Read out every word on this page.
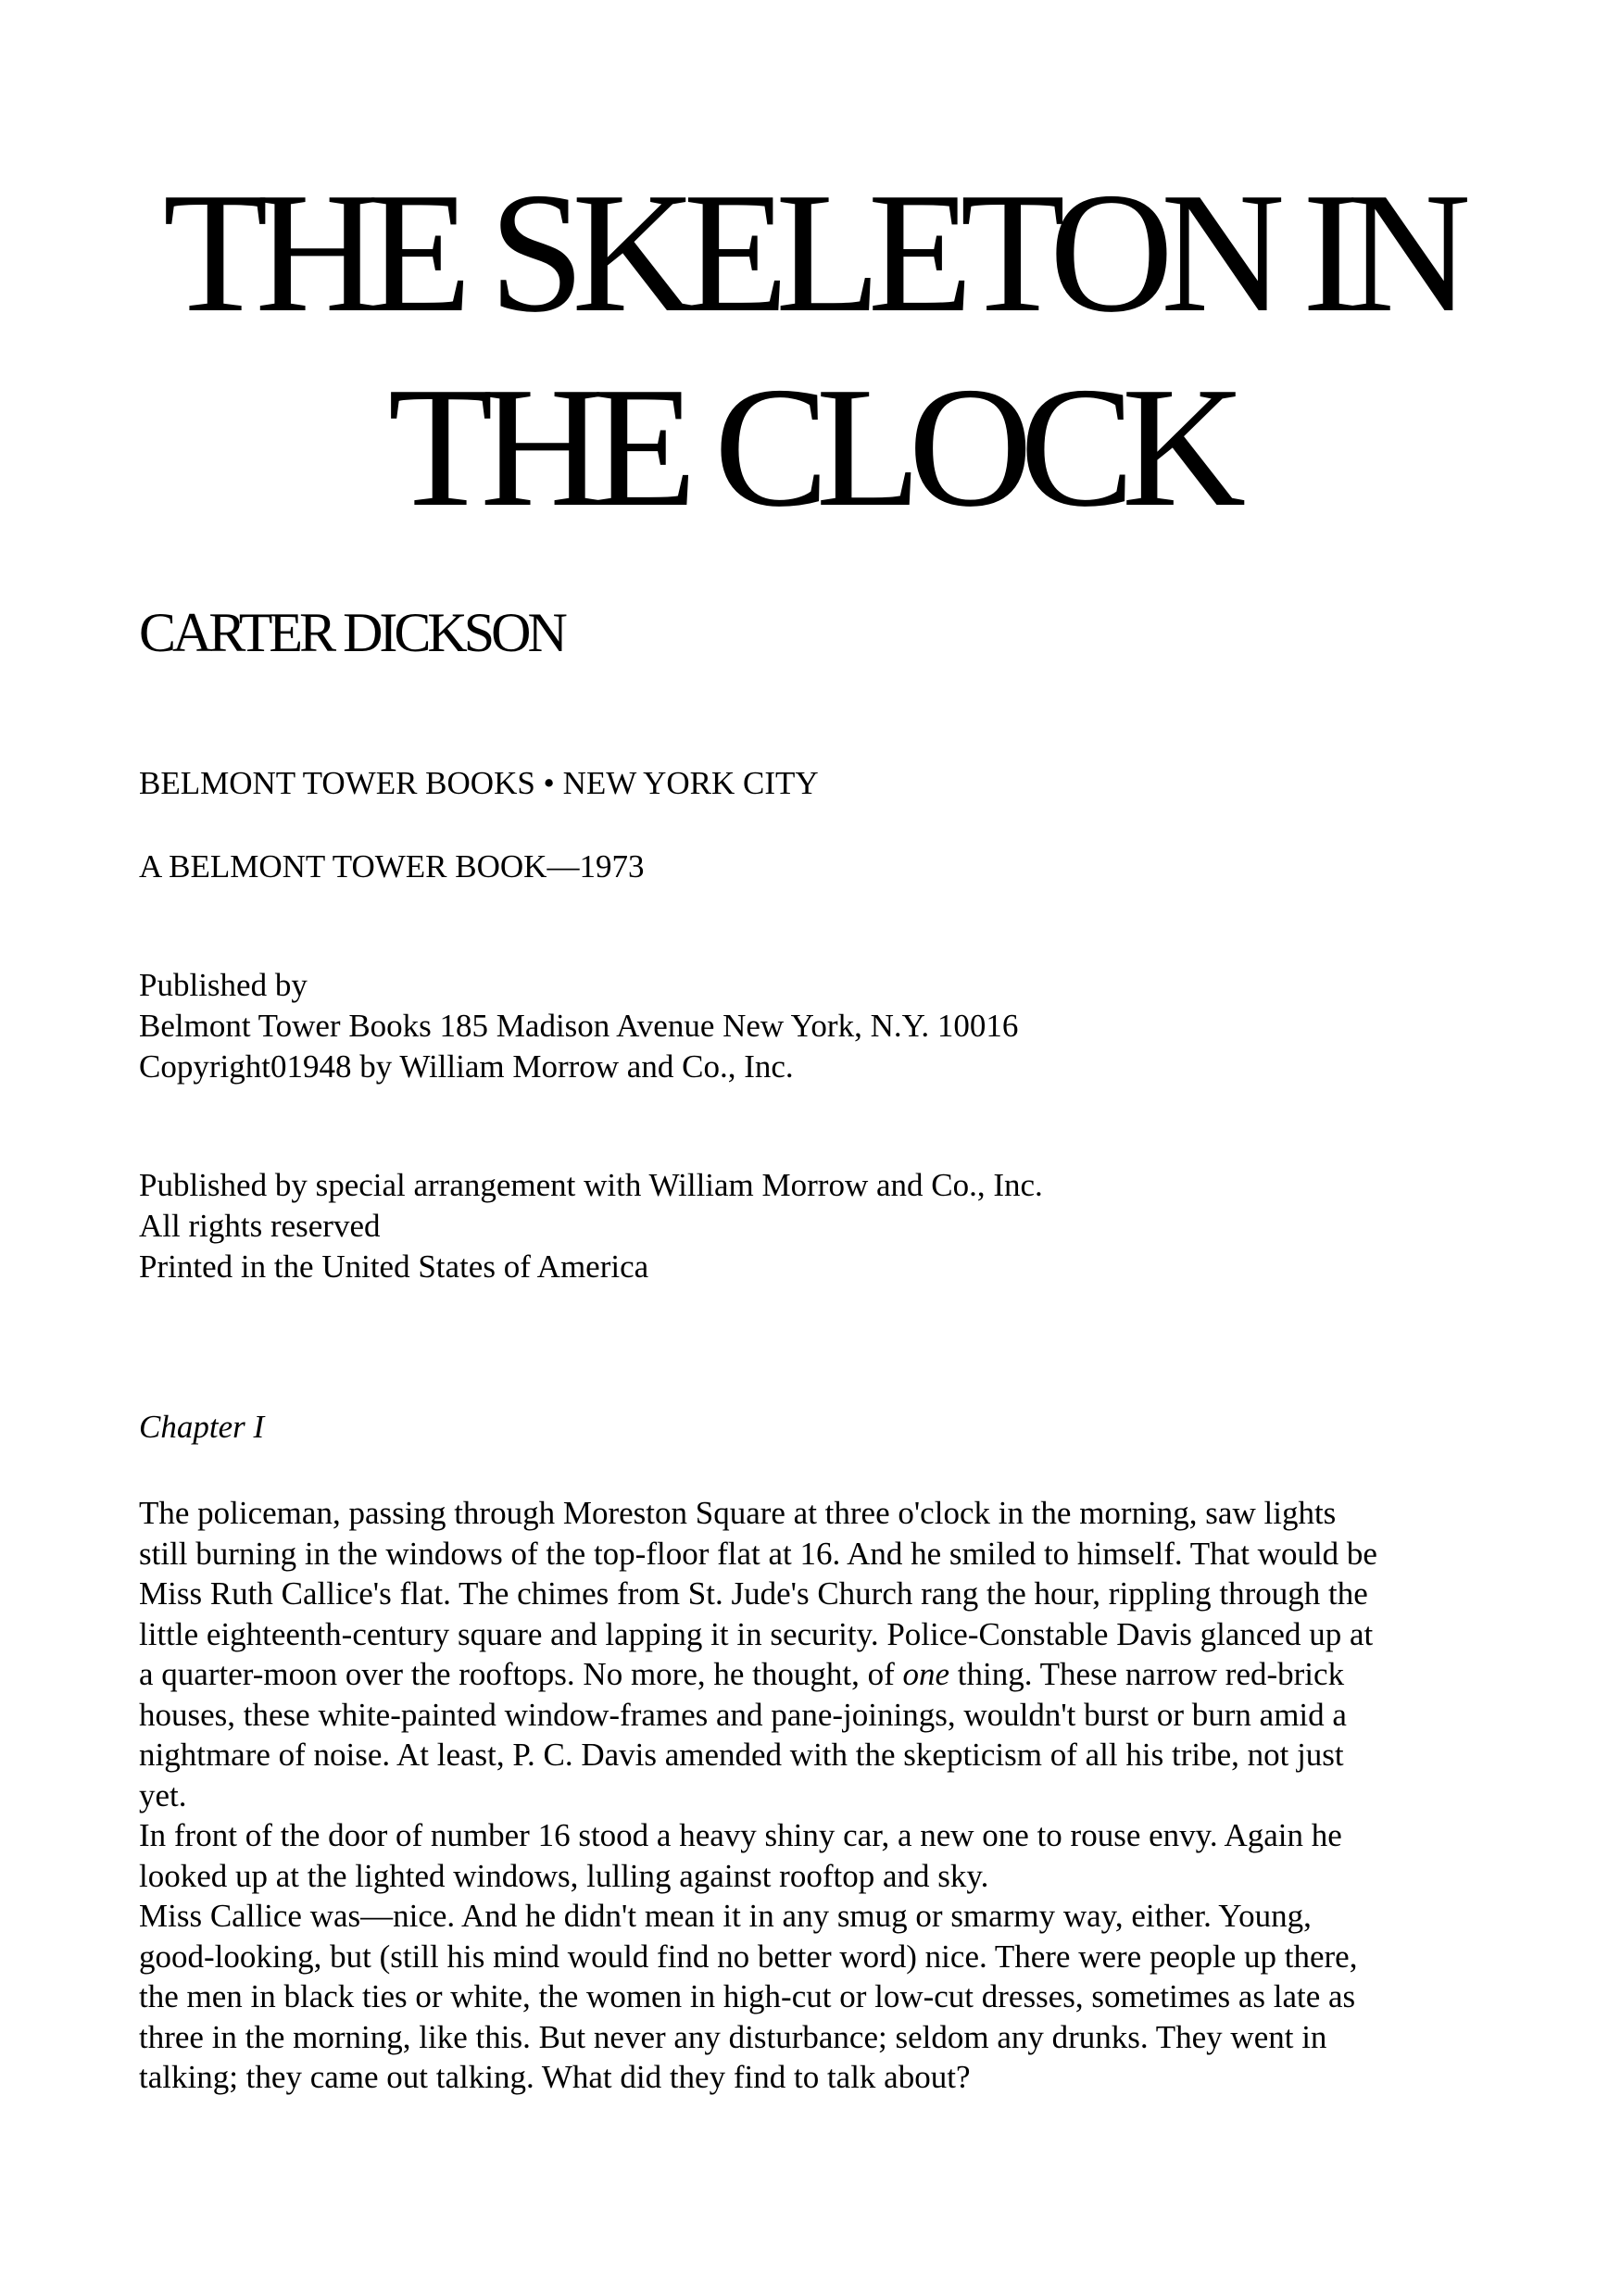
THE SKELETON IN
THE CLOCK
CARTER DICKSON

BELMONT TOWER BOOKS • NEW YORK CITY

A BELMONT TOWER BOOK—1973

Published by
Belmont Tower Books 185 Madison Avenue New York, N.Y. 10016
Copyright01948 by William Morrow and Co., Inc.
Published by special arrangement with William Morrow and Co., Inc.
All rights reserved
Printed in the United States of America

Chapter I

The policeman, passing through Moreston Square at three o'clock in the morning, saw lights
still burning in the windows of the top-floor flat at 16. And he smiled to himself. That would be
Miss Ruth Callice's flat. The chimes from St. Jude's Church rang the hour, rippling through the
little eighteenth-century square and lapping it in security. Police-Constable Davis glanced up at
a quarter-moon over the rooftops. No more, he thought, of one thing. These narrow red-brick
houses, these white-painted window-frames and pane-joinings, wouldn't burst or burn amid a
nightmare of noise. At least, P. C. Davis amended with the skepticism of all his tribe, not just
yet.
In front of the door of number 16 stood a heavy shiny car, a new one to rouse envy. Again he
looked up at the lighted windows, lulling against rooftop and sky.
Miss Callice was—nice. And he didn't mean it in any smug or smarmy way, either. Young,
good-looking, but (still his mind would find no better word) nice. There were people up there,
the men in black ties or white, the women in high-cut or low-cut dresses, sometimes as late as
three in the morning, like this. But never any disturbance; seldom any drunks. They went in
talking; they came out talking. What did they find to talk about?
